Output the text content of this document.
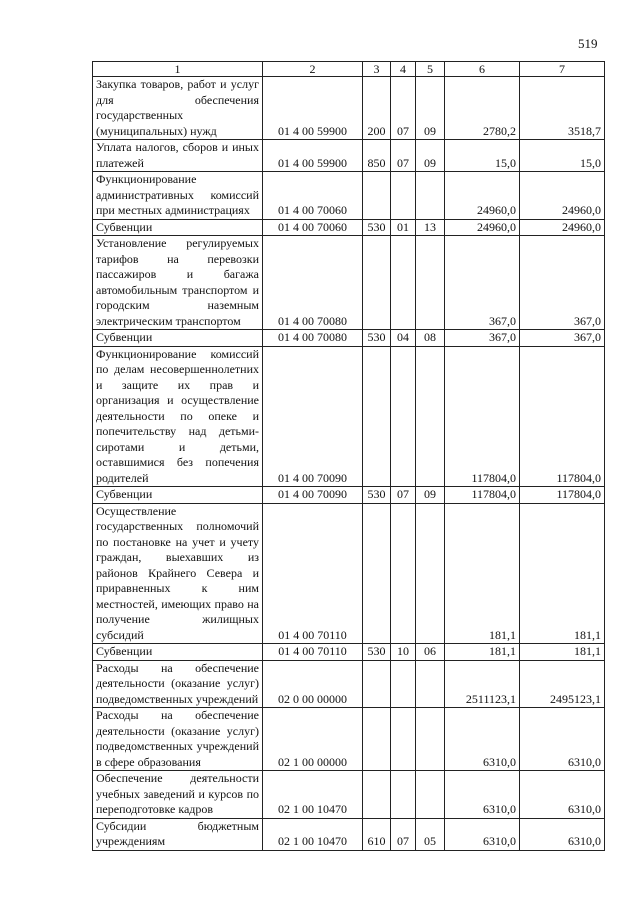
519
1	2	3	4	5	6	7
Закупка товаров, работ и услуг для обеспечения государственных (муниципальных) нужд	01 4 00 59900	200	07	09	2780,2	3518,7
Уплата налогов, сборов и иных платежей	01 4 00 59900	850	07	09	15,0	15,0
Функционирование административных комиссий при местных администрациях	01 4 00 70060				24960,0	24960,0
Субвенции	01 4 00 70060	530	01	13	24960,0	24960,0
Установление регулируемых тарифов на перевозки пассажиров и багажа автомобильным транспортом и городским наземным электрическим транспортом	01 4 00 70080				367,0	367,0
Субвенции	01 4 00 70080	530	04	08	367,0	367,0
Функционирование комиссий по делам несовершеннолетних и защите их прав и организация и осуществление деятельности по опеке и попечительству над детьми-сиротами и детьми, оставшимися без попечения родителей	01 4 00 70090				117804,0	117804,0
Субвенции	01 4 00 70090	530	07	09	117804,0	117804,0
Осуществление государственных полномочий по постановке на учет и учету граждан, выехавших из районов Крайнего Севера и приравненных к ним местностей, имеющих право на получение жилищных субсидий	01 4 00 70110				181,1	181,1
Субвенции	01 4 00 70110	530	10	06	181,1	181,1
Расходы на обеспечение деятельности (оказание услуг) подведомственных учреждений	02 0 00 00000				2511123,1	2495123,1
Расходы на обеспечение деятельности (оказание услуг) подведомственных учреждений в сфере образования	02 1 00 00000				6310,0	6310,0
Обеспечение деятельности учебных заведений и курсов по переподготовке кадров	02 1 00 10470				6310,0	6310,0
Субсидии бюджетным учреждениям	02 1 00 10470	610	07	05	6310,0	6310,0
